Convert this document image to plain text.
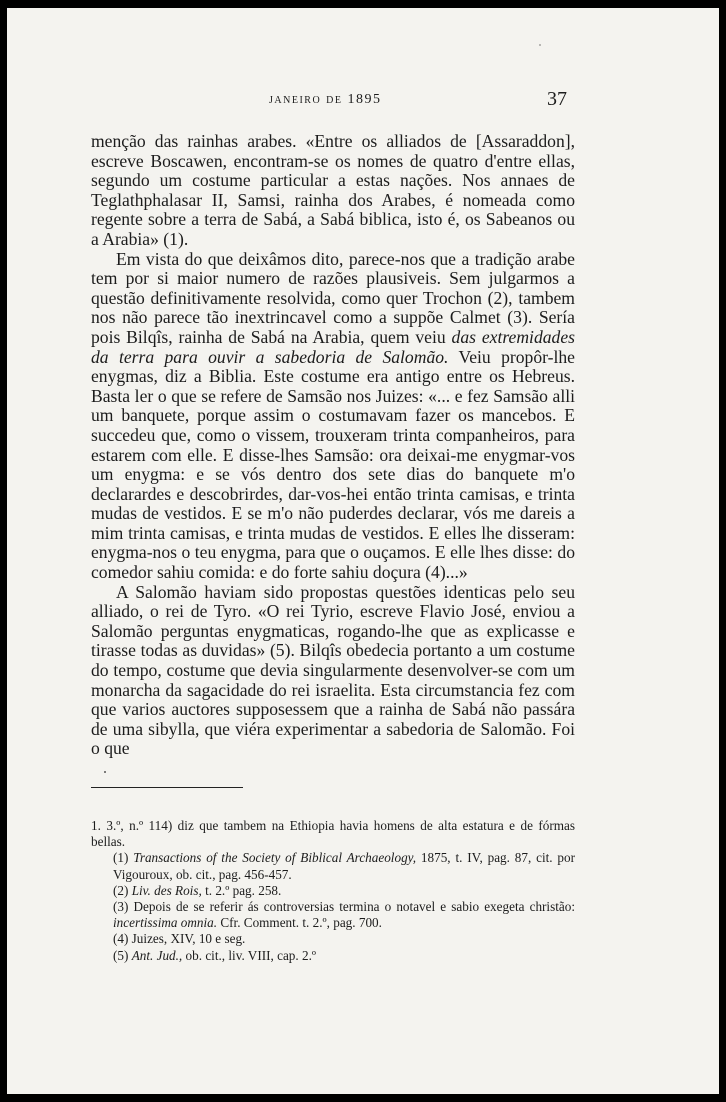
janeiro de 1895	37

menção das rainhas arabes. «Entre os alliados de [Assaraddon], escreve Boscawen, encontram-se os nomes de quatro d'entre ellas, segundo um costume particular a estas nações. Nos annaes de Teglathphalasar II, Samsi, rainha dos Arabes, é nomeada como regente sobre a terra de Sabá, a Sabá biblica, isto é, os Sabeanos ou a Arabia» (1).

Em vista do que deixâmos dito, parece-nos que a tradição arabe tem por si maior numero de razões plausiveis. Sem julgarmos a questão definitivamente resolvida, como quer Trochon (2), tambem nos não parece tão inextrincavel como a suppõe Calmet (3). Sería pois Bilqîs, rainha de Sabá na Arabia, quem veiu das extremidades da terra para ouvir a sabedoria de Salomão. Veiu propôr-lhe enygmas, diz a Biblia. Este costume era antigo entre os Hebreus. Basta ler o que se refere de Samsão nos Juizes: «... e fez Samsão alli um banquete, porque assim o costumavam fazer os mancebos. E succedeu que, como o vissem, trouxeram trinta companheiros, para estarem com elle. E disse-lhes Samsão: ora deixai-me enygmar-vos um enygma: e se vós dentro dos sete dias do banquete m'o declarardes e descobrirdes, dar-vos-hei então trinta camisas, e trinta mudas de vestidos. E se m'o não puderdes declarar, vós me dareis a mim trinta camisas, e trinta mudas de vestidos. E elles lhe disseram: enygma-nos o teu enygma, para que o ouçamos. E elle lhes disse: do comedor sahiu comida: e do forte sahiu doçura (4)...»

A Salomão haviam sido propostas questões identicas pelo seu alliado, o rei de Tyro. «O rei Tyrio, escreve Flavio José, enviou a Salomão perguntas enygmaticas, rogando-lhe que as explicasse e tirasse todas as duvidas» (5). Bilqîs obedecia portanto a um costume do tempo, costume que devia singularmente desenvolver-se com um monarcha da sagacidade do rei israelita. Esta circumstancia fez com que varios auctores supposessem que a rainha de Sabá não passára de uma sibylla, que viéra experimentar a sabedoria de Salomão. Foi o que

1. 3.º, n.º 114) diz que tambem na Ethiopia havia homens de alta estatura e de fórmas bellas.

(1) Transactions of the Society of Biblical Archaeology, 1875, t. IV, pag. 87, cit. por Vigouroux, ob. cit., pag. 456-457.

(2) Liv. des Rois, t. 2.º pag. 258.

(3) Depois de se referir ás controversias termina o notavel e sabio exegeta christão: incertissima omnia. Cfr. Comment. t. 2.º, pag. 700.

(4) Juizes, XIV, 10 e seg.

(5) Ant. Jud., ob. cit., liv. VIII, cap. 2.º
